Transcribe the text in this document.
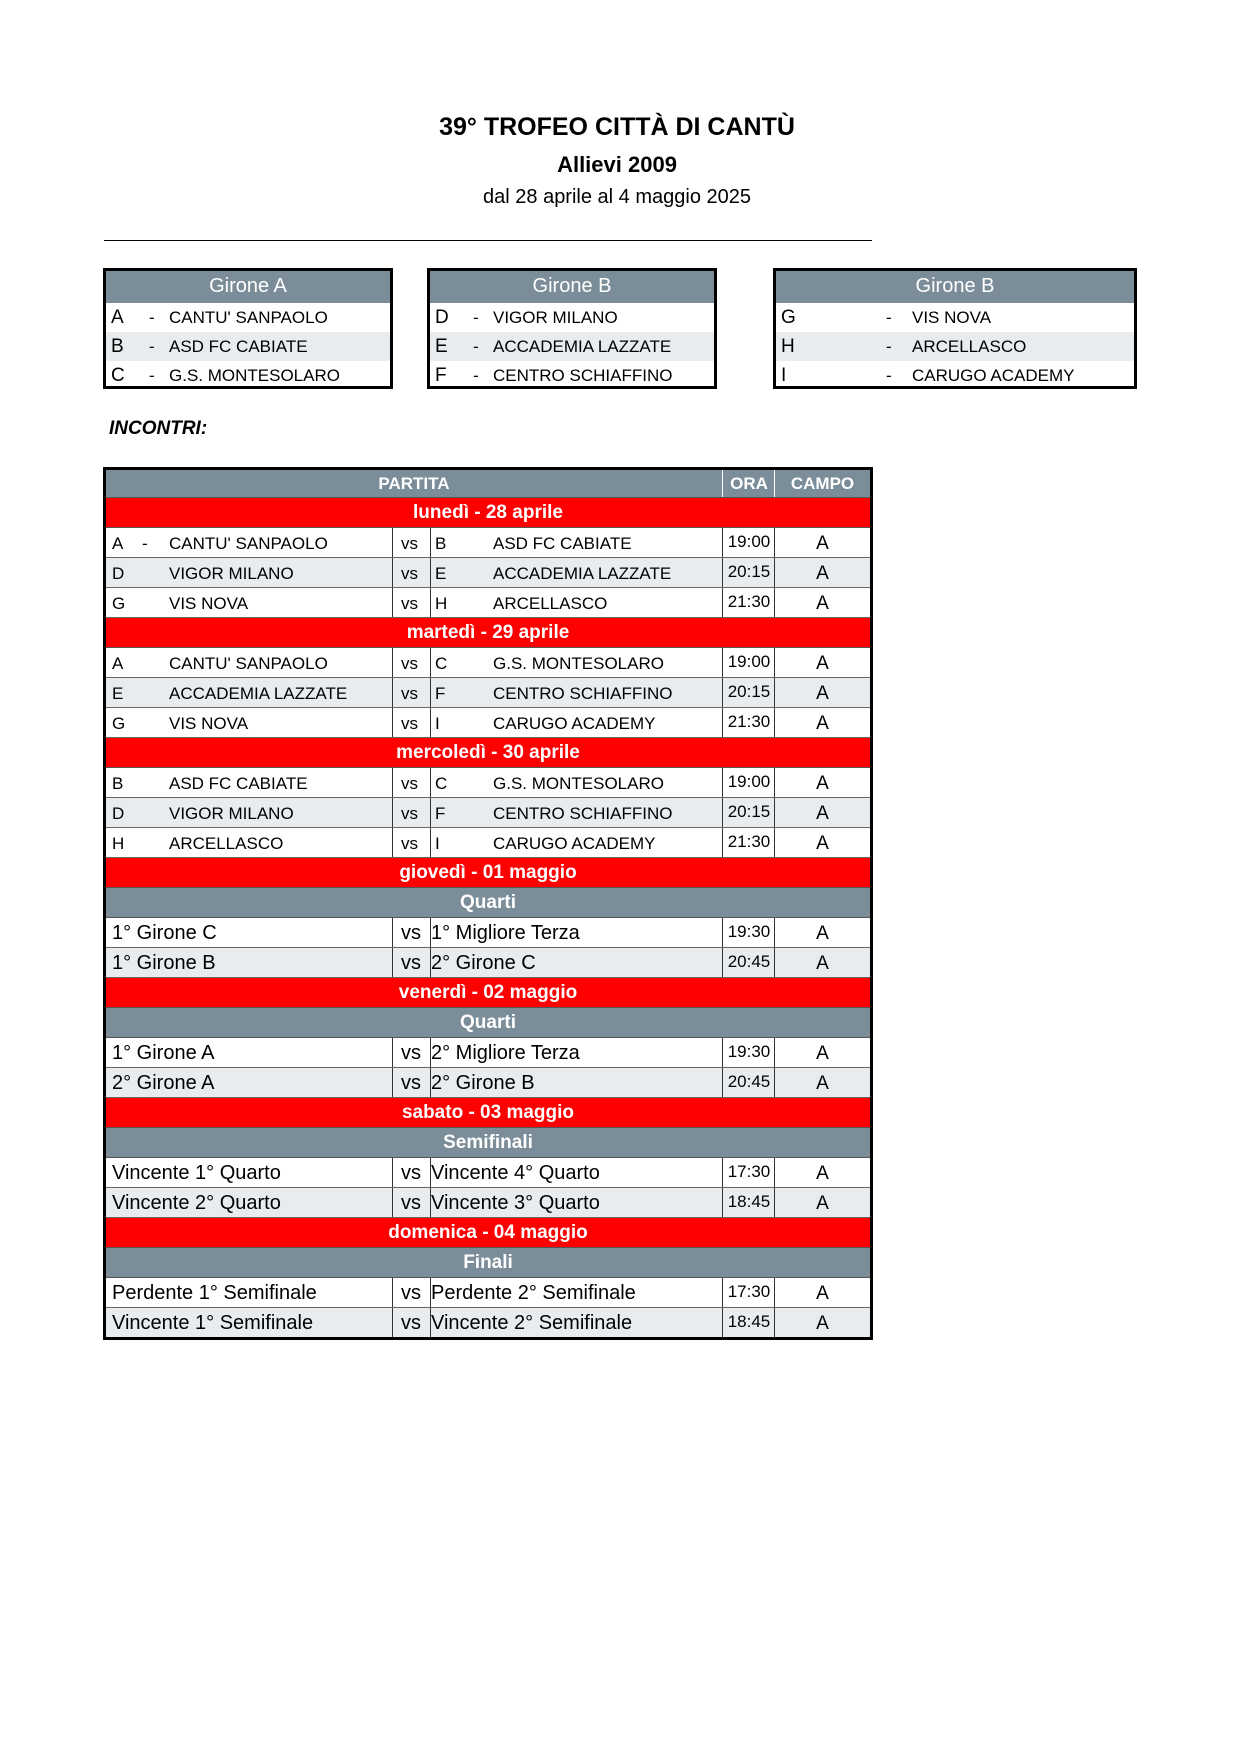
39° TROFEO CITTÀ DI CANTÙ
Allievi 2009

dal 28 aprile al 4 maggio 2025

Girone A
A - CANTU' SANPAOLO
B - ASD FC CABIATE
C - G.S. MONTESOLARO
Girone B
D - VIGOR MILANO
E - ACCADEMIA LAZZATE
F - CENTRO SCHIAFFINO
Girone B
G	- VIS NOVA
H	- ARCELLASCO
I	- CARUGO ACADEMY
INCONTRI:
PARTITA	ORA	CAMPO
lunedì - 28 aprile
A - CANTU' SANPAOLO	vs B	ASD FC CABIATE	19:00	A
D	VIGOR MILANO	vs E	ACCADEMIA LAZZATE	20:15	A
G	VIS NOVA	vs H	ARCELLASCO	21:30	A
martedì - 29 aprile
A	CANTU' SANPAOLO	vs C	G.S. MONTESOLARO	19:00	A
E	ACCADEMIA LAZZATE	vs F	CENTRO SCHIAFFINO	20:15	A
G	VIS NOVA	vs I	CARUGO ACADEMY	21:30	A
mercoledì - 30 aprile
B	ASD FC CABIATE	vs C	G.S. MONTESOLARO	19:00	A
D	VIGOR MILANO	vs F	CENTRO SCHIAFFINO	20:15	A
H	ARCELLASCO	vs I	CARUGO ACADEMY	21:30	A
giovedì - 01 maggio
Quarti
1° Girone C	vs 1° Migliore Terza	19:30	A
1° Girone B	vs 2° Girone C	20:45	A
venerdì - 02 maggio
Quarti
1° Girone A	vs 2° Migliore Terza	19:30	A
2° Girone A	vs 2° Girone B	20:45	A
sabato - 03 maggio
Semifinali
Vincente 1° Quarto	vs Vincente 4° Quarto	17:30	A
Vincente 2° Quarto	vs Vincente 3° Quarto	18:45	A
domenica - 04 maggio
Finali
Perdente 1° Semifinale	vs Perdente 2° Semifinale	17:30	A
Vincente 1° Semifinale	vs Vincente 2° Semifinale	18:45	A
